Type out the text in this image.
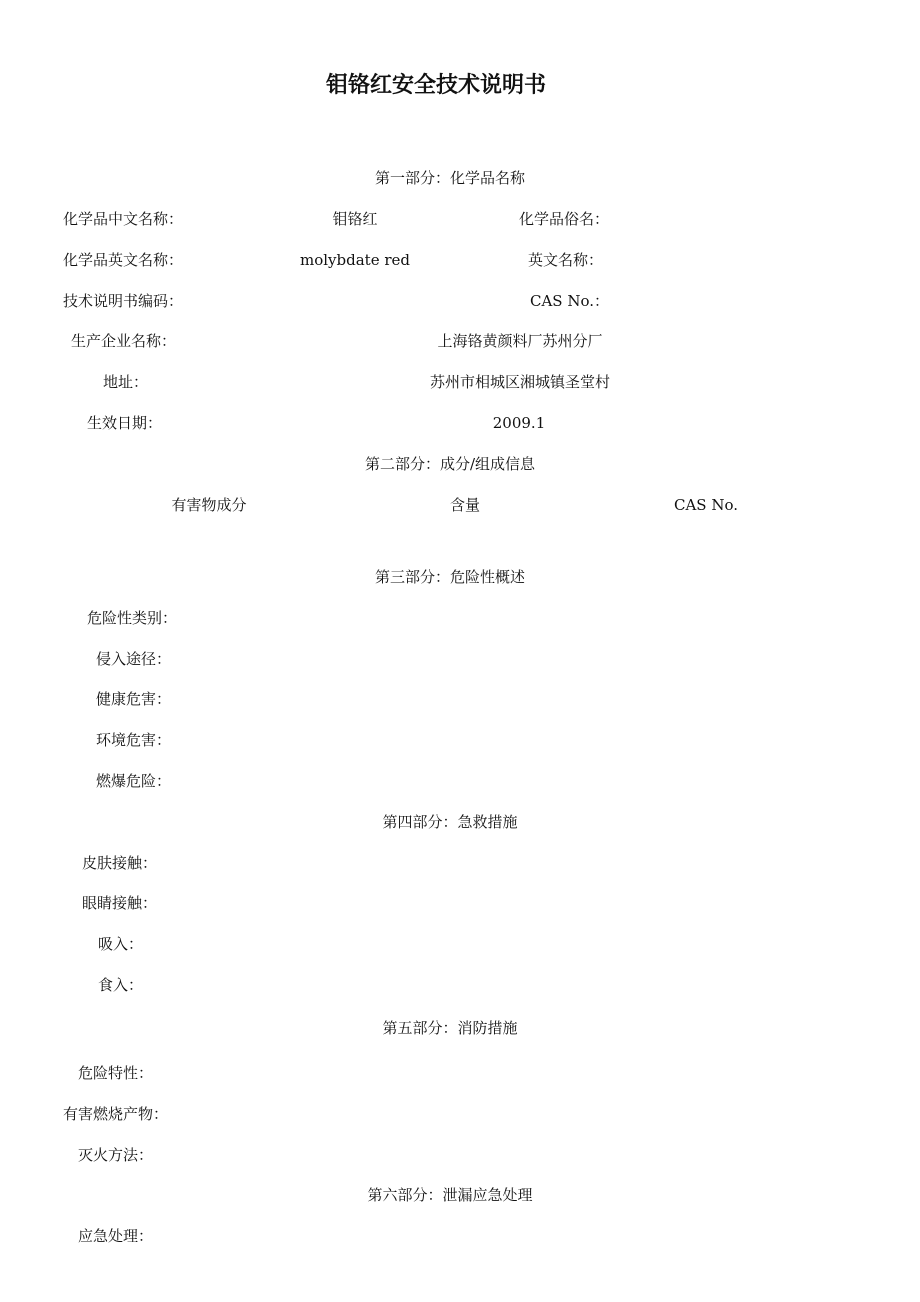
钼铬红安全技术说明书
第一部分：化学品名称
化学品中文名称：	钼铬红	化学品俗名：
化学品英文名称：	molybdate red	英文名称：
技术说明书编码：	CAS No.：
生产企业名称：	上海铬黄颜料厂苏州分厂
地址：	苏州市相城区湘城镇圣堂村
生效日期：	2009.1
第二部分：成分/组成信息
有害物成分	含量	CAS No.
第三部分：危险性概述
危险性类别：
侵入途径：
健康危害：
环境危害：
燃爆危险：
第四部分：急救措施
皮肤接触：
眼睛接触：
吸入：
食入：
第五部分：消防措施
危险特性：
有害燃烧产物：
灭火方法：
第六部分：泄漏应急处理
应急处理：
